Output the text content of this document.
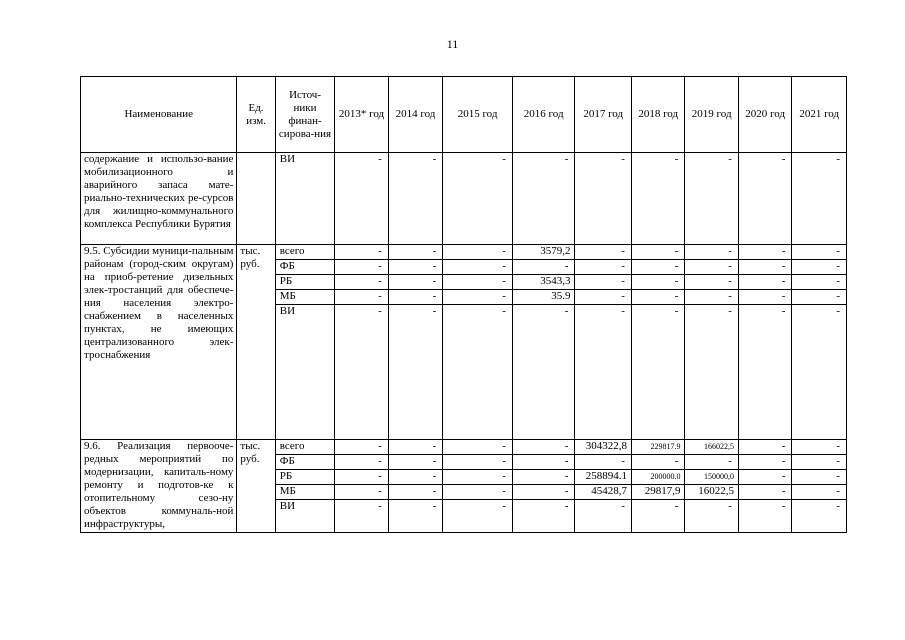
11
Наименование	Ед. изм.	Источ-ники финан-сирова-ния	2013* год	2014 год	2015 год	2016 год	2017 год	2018 год	2019 год	2020 год	2021 год
содержание и использо-вание мобилизационного и аварийного запаса мате-риально-технических ре-сурсов для жилищно-коммунального комплекса Республики Бурятия		ВИ	-	-	-	-	-	-	-	-	-
9.5. Субсидии муници-пальным районам (город-ским округам) на приоб-ретение дизельных элек-тростанций для обеспече-ния населения электро-снабжением в населенных пунктах, не имеющих централизованного элек-троснабжения	тыс. руб.	всего	-	-	-	3579,2	-	-	-	-	-
		ФБ	-	-	-	-	-	-	-	-	-
		РБ	-	-	-	3543,3	-	-	-	-	-
		МБ	-	-	-	35.9	-	-	-	-	-
		ВИ	-	-	-	-	-	-	-	-	-
9.6. Реализация первооче-редных мероприятий по модернизации, капиталь-ному ремонту и подготов-ке к отопительному сезо-ну объектов коммуналь-ной инфраструктуры,	тыс. руб.	всего	-	-	-	-	304322,8	229817.9	166022,5	-	-
		ФБ	-	-	-	-	-	-	-	-	-
		РБ	-	-	-	-	258894.1	200000.0	150000,0	-	-
		МБ	-	-	-	-	45428,7	29817,9	16022,5	-	-
		ВИ	-	-	-	-	-	-	-	-	-
